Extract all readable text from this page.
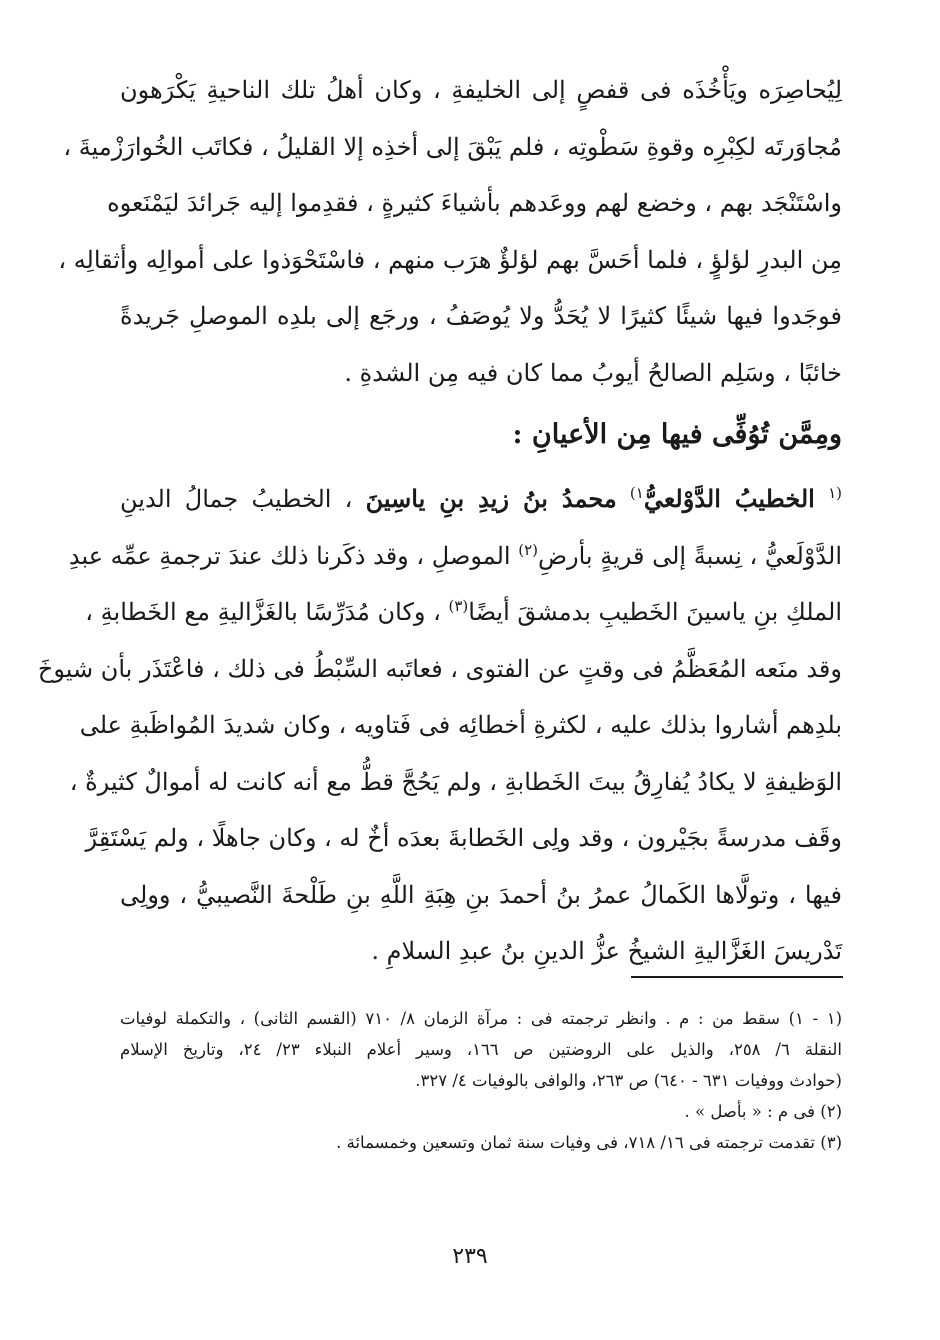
لِيُحاصِرَه ويَأْخُذَه فى قفصٍ إلى الخليفةِ ، وكان أهلُ تلك الناحيةِ يَكْرَهون
مُجاوَرتَه لكِبْرِه وقوةِ سَطْوتِه ، فلم يَبْقَ إلى أخذِه إلا القليلُ ، فكاتَب الخُوارَزْميةَ ،
واسْتَنْجَد بهم ، وخضع لهم ووعَدهم بأشياءَ كثيرةٍ ، فقدِموا إليه جَرائدَ ليَمْنَعوه
مِن البدرِ لؤلؤٍ ، فلما أحَسَّ بهم لؤلؤٌ هرَب منهم ، فاسْتَحْوَذوا على أموالِه وأثقالِه ،
فوجَدوا فيها شيئًا كثيرًا لا يُحَدُّ ولا يُوصَفُ ، ورجَع إلى بلدِه الموصلِ جَريدةً
خائبًا ، وسَلِم الصالحُ أيوبُ مما كان فيه مِن الشدةِ .

ومِمَّن تُوُفِّى فيها مِن الأعيانِ :

$^{(١}$ الخطيبُ الدَّوْلعيُّ$^{١)}$ محمدُ بنُ زيدِ بنِ ياسِينَ ، الخطيبُ جمالُ الدينِ
الدَّوْلَعيُّ ، نِسبةً إلى قريةٍ بأرضِ$^{(٢)}$ الموصلِ ، وقد ذكَرنا ذلك عندَ ترجمةِ عمِّه عبدِ
الملكِ بنِ ياسينَ الخَطيبِ بدمشقَ أيضًا$^{(٣)}$ ، وكان مُدَرِّسًا بالغَزَّاليةِ مع الخَطابةِ ،
وقد منَعه المُعَظَّمُ فى وقتٍ عن الفتوى ، فعاتَبه السِّبْطُ فى ذلك ، فاعْتَذَر بأن شيوخَ
بلدِهم أشاروا بذلك عليه ، لكثرةِ أخطائِه فى فَتاويه ، وكان شديدَ المُواظَبةِ على
الوَظيفةِ لا يكادُ يُفارِقُ بيتَ الخَطابةِ ، ولم يَحُجَّ قطُّ مع أنه كانت له أموالٌ كثيرةٌ ،
وقَف مدرسةً بجَيْرون ، وقد ولِى الخَطابةَ بعدَه أخٌ له ، وكان جاهلًا ، ولم يَسْتَقِرَّ
فيها ، وتولَّاها الكَمالُ عمرُ بنُ أحمدَ بنِ هِبَةِ اللَّهِ بنِ طَلْحةَ النَّصيبيُّ ، وولِى
تَدْريسَ الغَزَّاليةِ الشيخُ عزُّ الدينِ بنُ عبدِ السلامِ .

(١ - ١) سقط من : م . وانظر ترجمته فى : مرآة الزمان ٨/ ٧١٠ (القسم الثانى) ، والتكملة لوفيات
النقلة ٦/ ٢٥٨، والذيل على الروضتين ص ١٦٦، وسير أعلام النبلاء ٢٣/ ٢٤، وتاريخ الإسلام
(حوادث ووفيات ٦٣١ - ٦٤٠) ص ٢٦٣، والوافى بالوفيات ٤/ ٣٢٧.
(٢) فى م : « بأصل » .
(٣) تقدمت ترجمته فى ١٦/ ٧١٨، فى وفيات سنة ثمان وتسعين وخمسمائة .
٢٣٩
